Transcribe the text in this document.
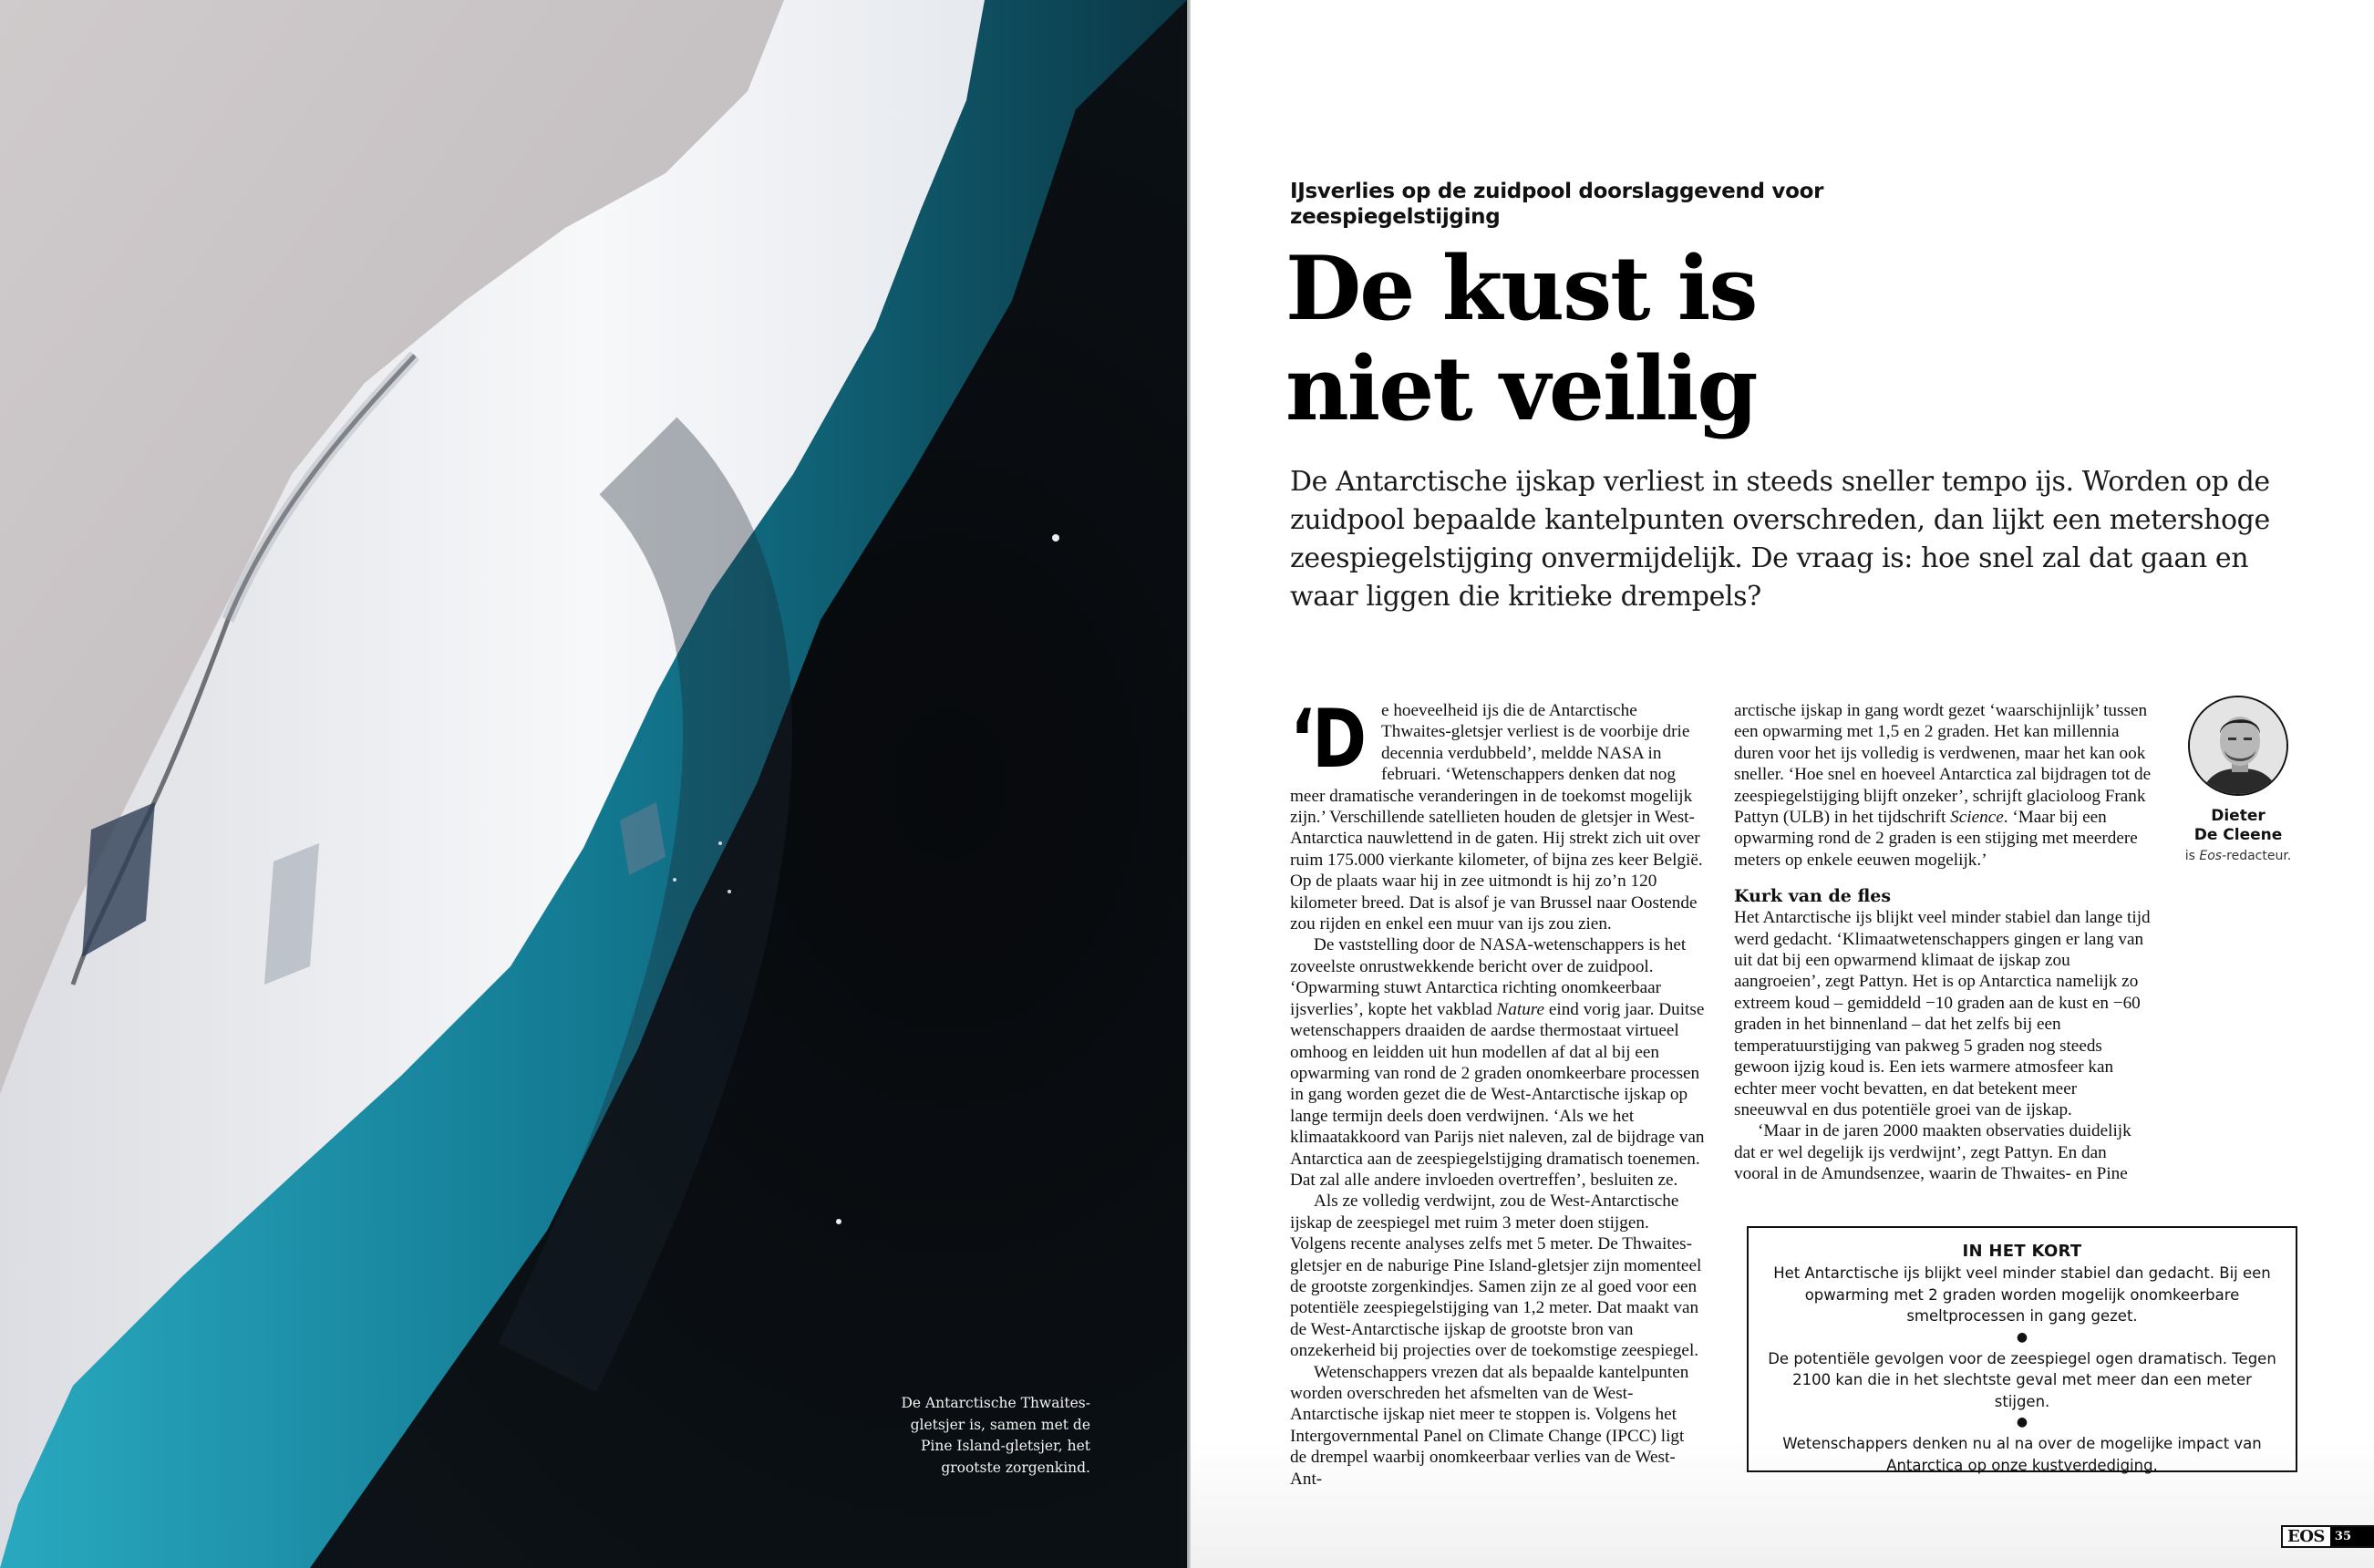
De Antarctische Thwaites-gletsjer is, samen met de Pine Island-gletsjer, het grootste zorgenkind.

IJsverlies op de zuidpool doorslaggevend voor zeespiegelstijging
De kust is
niet veilig

De Antarctische ijskap verliest in steeds sneller tempo ijs. Worden op de zuidpool bepaalde kantelpunten overschreden, dan lijkt een metershoge zeespiegelstijging onvermijdelijk. De vraag is: hoe snel zal dat gaan en waar liggen die kritieke drempels?

‘D e hoeveelheid ijs die de Antarctische Thwaites-gletsjer verliest is de voorbije drie decennia verdubbeld’, meldde NASA in februari. ‘Wetenschappers denken dat nog meer dramatische veranderingen in de toekomst mogelijk zijn.’ Verschillende satellieten houden de gletsjer in West-Antarctica nauwlettend in de gaten. Hij strekt zich uit over ruim 175.000 vierkante kilometer, of bijna zes keer België. Op de plaats waar hij in zee uitmondt is hij zo’n 120 kilometer breed. Dat is alsof je van Brussel naar Oostende zou rijden en enkel een muur van ijs zou zien.

De vaststelling door de NASA-wetenschappers is het zoveelste onrustwekkende bericht over de zuidpool. ‘Opwarming stuwt Antarctica richting onomkeerbaar ijsverlies’, kopte het vakblad Nature eind vorig jaar. Duitse wetenschappers draaiden de aardse thermostaat virtueel omhoog en leidden uit hun modellen af dat al bij een opwarming van rond de 2 graden onomkeerbare processen in gang worden gezet die de West-Antarctische ijskap op lange termijn deels doen verdwijnen. ‘Als we het klimaatakkoord van Parijs niet naleven, zal de bijdrage van Antarctica aan de zeespiegelstijging dramatisch toenemen. Dat zal alle andere invloeden overtreffen’, besluiten ze.

Als ze volledig verdwijnt, zou de West-Antarctische ijskap de zeespiegel met ruim 3 meter doen stijgen. Volgens recente analyses zelfs met 5 meter. De Thwaites-gletsjer en de naburige Pine Island-gletsjer zijn momenteel de grootste zorgenkindjes. Samen zijn ze al goed voor een potentiële zeespiegelstijging van 1,2 meter. Dat maakt van de West-Antarctische ijskap de grootste bron van onzekerheid bij projecties over de toekomstige zeespiegel.

Wetenschappers vrezen dat als bepaalde kantelpunten worden overschreden het afsmelten van de West-Antarctische ijskap niet meer te stoppen is. Volgens het Intergovernmental Panel on Climate Change (IPCC) ligt de drempel waarbij onomkeerbaar verlies van de West-Ant-

arctische ijskap in gang wordt gezet ‘waarschijnlijk’ tussen een opwarming met 1,5 en 2 graden. Het kan millennia duren voor het ijs volledig is verdwenen, maar het kan ook sneller. ‘Hoe snel en hoeveel Antarctica zal bijdragen tot de zeespiegelstijging blijft onzeker’, schrijft glacioloog Frank Pattyn (ULB) in het tijdschrift Science. ‘Maar bij een opwarming rond de 2 graden is een stijging met meerdere meters op enkele eeuwen mogelijk.’

Kurk van de fles

Het Antarctische ijs blijkt veel minder stabiel dan lange tijd werd gedacht. ‘Klimaatwetenschappers gingen er lang van uit dat bij een opwarmend klimaat de ijskap zou aangroeien’, zegt Pattyn. Het is op Antarctica namelijk zo extreem koud – gemiddeld −10 graden aan de kust en −60 graden in het binnenland – dat het zelfs bij een temperatuurstijging van pakweg 5 graden nog steeds gewoon ijzig koud is. Een iets warmere atmosfeer kan echter meer vocht bevatten, en dat betekent meer sneeuwval en dus potentiële groei van de ijskap.

‘Maar in de jaren 2000 maakten observaties duidelijk dat er wel degelijk ijs verdwijnt’, zegt Pattyn. En dan vooral in de Amundsenzee, waarin de Thwaites- en Pine

Dieter
De Cleene
is Eos-redacteur.
IN HET KORT
Het Antarctische ijs blijkt veel minder stabiel dan gedacht. Bij een opwarming met 2 graden worden mogelijk onomkeerbare smeltprocessen in gang gezet.
●
De potentiële gevolgen voor de zeespiegel ogen dramatisch. Tegen 2100 kan die in het slechtste geval met meer dan een meter stijgen.
●
Wetenschappers denken nu al na over de mogelijke impact van Antarctica op onze kustverdediging.
EOS 35
